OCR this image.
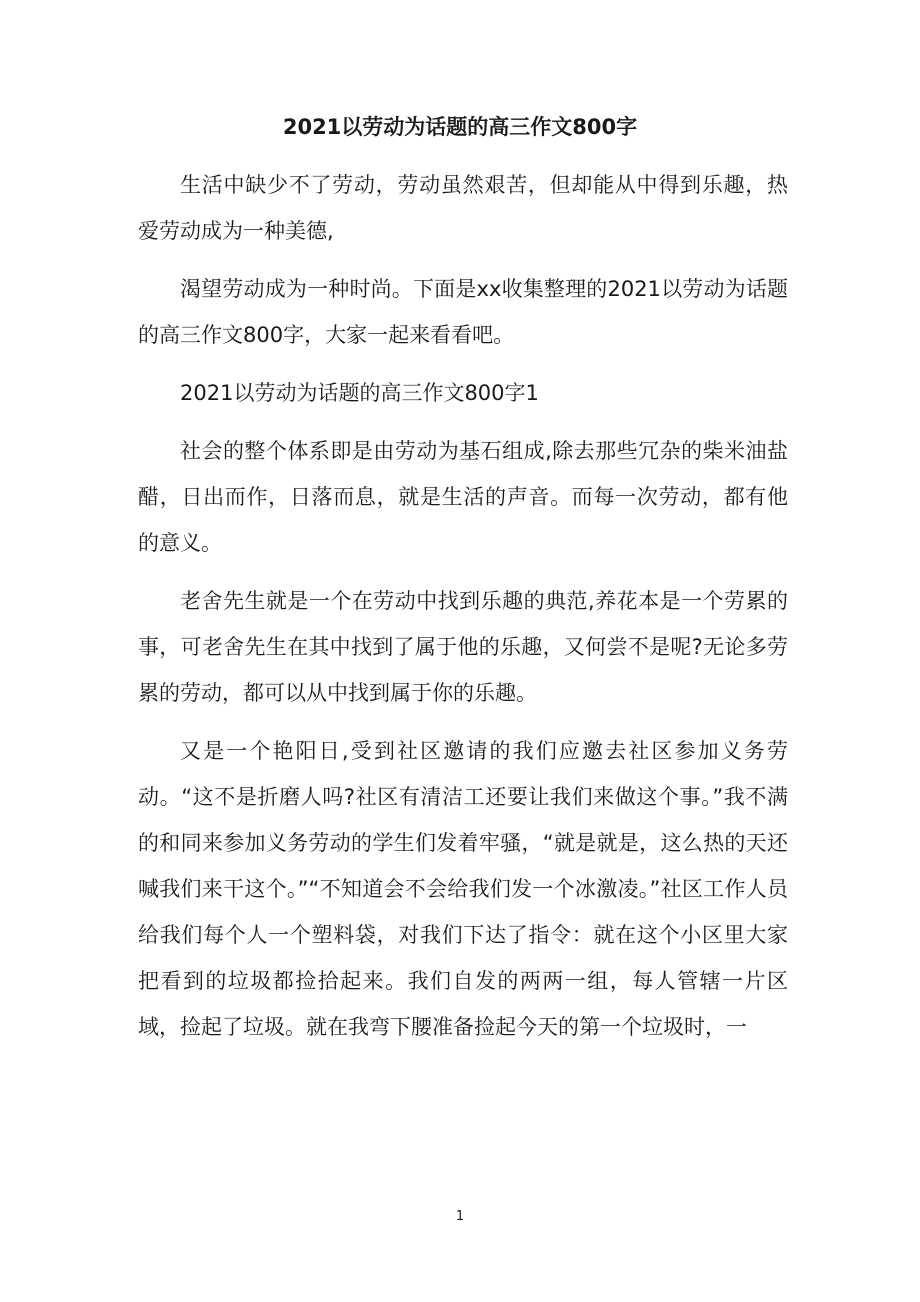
2021以劳动为话题的高三作文800字

生活中缺少不了劳动，劳动虽然艰苦，但却能从中得到乐趣，热爱劳动成为一种美德,

渴望劳动成为一种时尚。下面是xx收集整理的2021以劳动为话题的高三作文800字，大家一起来看看吧。

2021以劳动为话题的高三作文800字1

社会的整个体系即是由劳动为基石组成,除去那些冗杂的柴米油盐醋，日出而作，日落而息，就是生活的声音。而每一次劳动，都有他的意义。

老舍先生就是一个在劳动中找到乐趣的典范,养花本是一个劳累的事，可老舍先生在其中找到了属于他的乐趣，又何尝不是呢?无论多劳累的劳动，都可以从中找到属于你的乐趣。

又是一个艳阳日,受到社区邀请的我们应邀去社区参加义务劳动。“这不是折磨人吗?社区有清洁工还要让我们来做这个事。”我不满的和同来参加义务劳动的学生们发着牢骚，“就是就是，这么热的天还喊我们来干这个。”“不知道会不会给我们发一个冰激凌。”社区工作人员给我们每个人一个塑料袋，对我们下达了指令：就在这个小区里大家把看到的垃圾都捡拾起来。我们自发的两两一组，每人管辖一片区域，捡起了垃圾。就在我弯下腰准备捡起今天的第一个垃圾时，一

1
